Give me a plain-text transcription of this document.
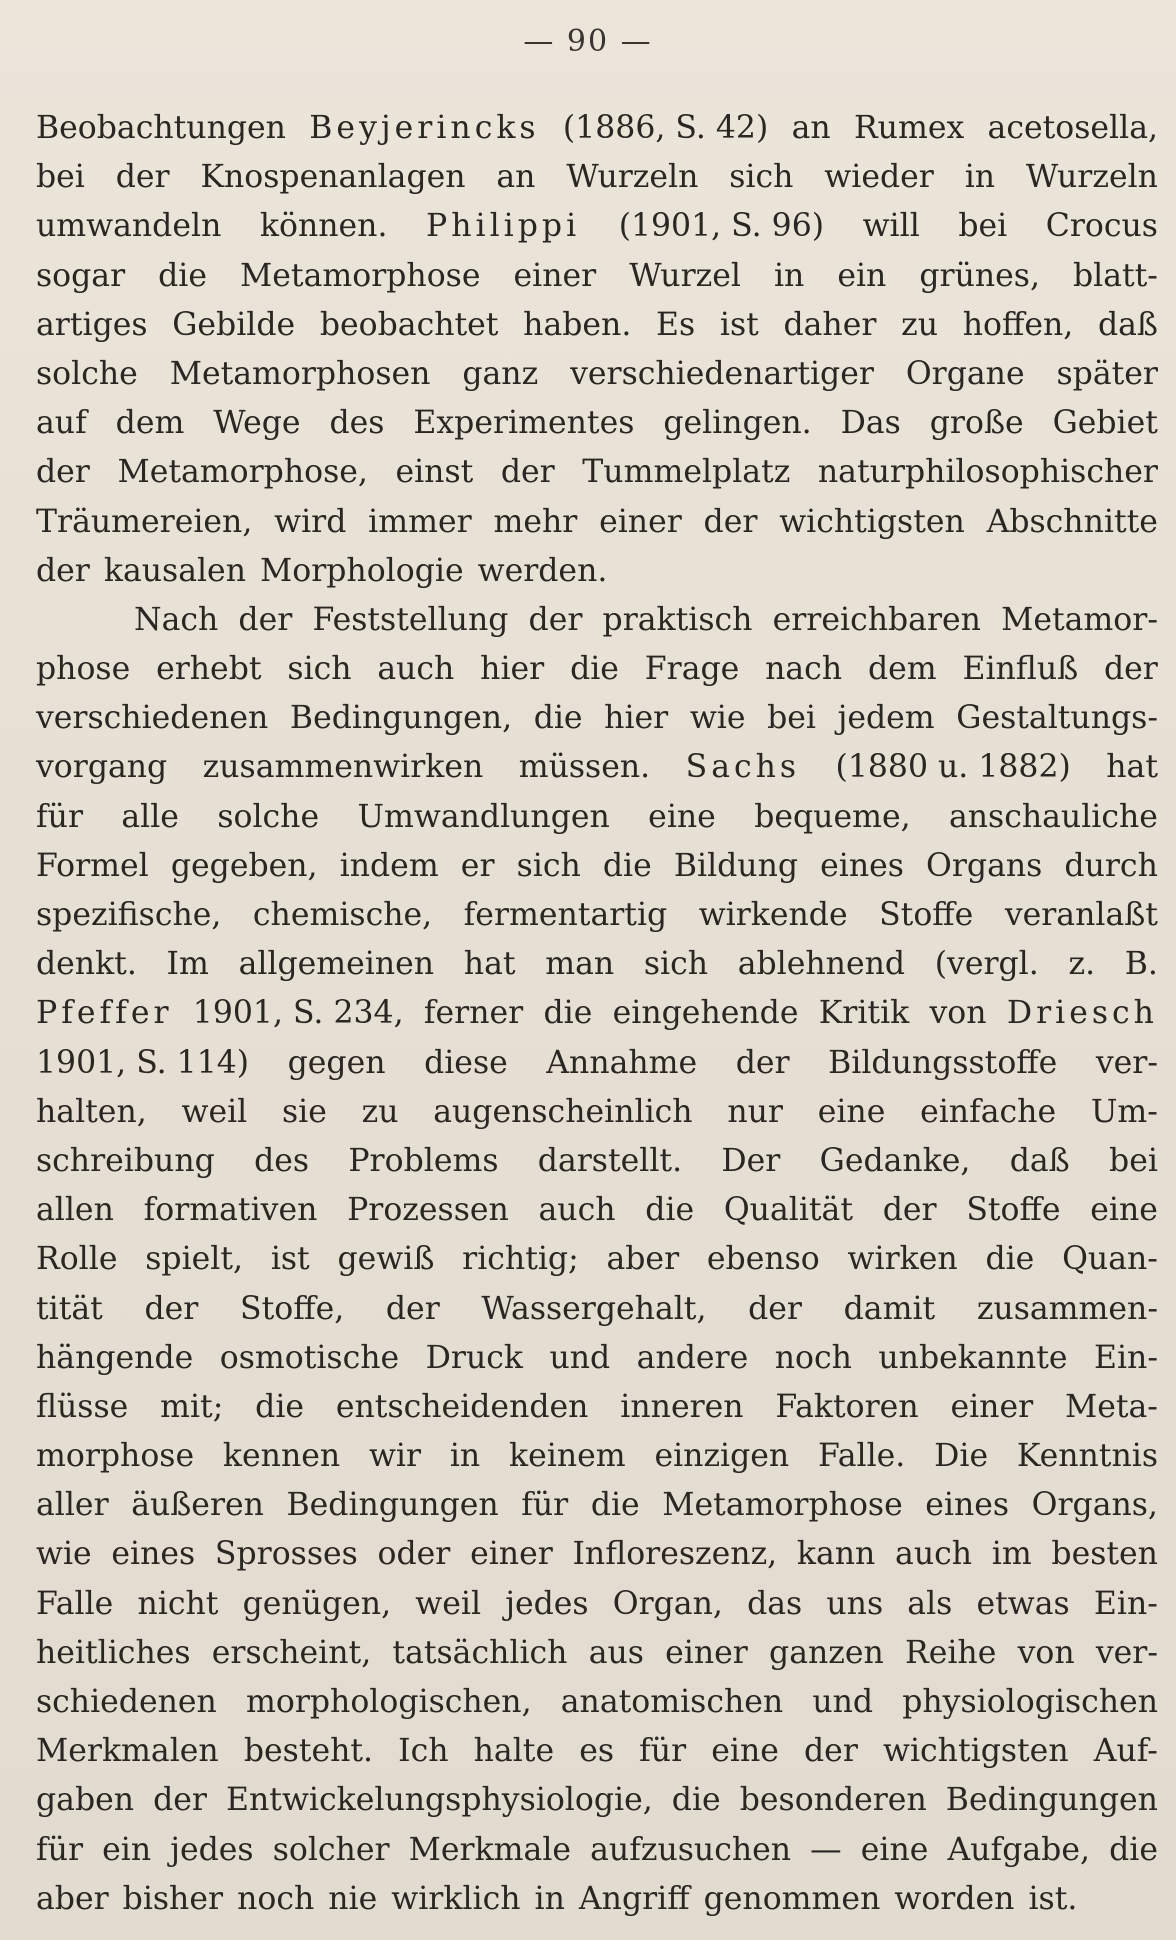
— 90 —
Beobachtungen Beyjerincks (1886, S. 42) an Rumex acetosella,
bei der Knospenanlagen an Wurzeln sich wieder in Wurzeln
umwandeln können. Philippi (1901, S. 96) will bei Crocus
sogar die Metamorphose einer Wurzel in ein grünes, blatt-
artiges Gebilde beobachtet haben. Es ist daher zu hoffen, daß
solche Metamorphosen ganz verschiedenartiger Organe später
auf dem Wege des Experimentes gelingen. Das große Gebiet
der Metamorphose, einst der Tummelplatz naturphilosophischer
Träumereien, wird immer mehr einer der wichtigsten Abschnitte
der kausalen Morphologie werden.
Nach der Feststellung der praktisch erreichbaren Metamor-
phose erhebt sich auch hier die Frage nach dem Einfluß der
verschiedenen Bedingungen, die hier wie bei jedem Gestaltungs-
vorgang zusammenwirken müssen. Sachs (1880 u. 1882) hat
für alle solche Umwandlungen eine bequeme, anschauliche
Formel gegeben, indem er sich die Bildung eines Organs durch
spezifische, chemische, fermentartig wirkende Stoffe veranlaßt
denkt. Im allgemeinen hat man sich ablehnend (vergl. z. B.
Pfeffer 1901, S. 234, ferner die eingehende Kritik von Driesch
1901, S. 114) gegen diese Annahme der Bildungsstoffe ver-
halten, weil sie zu augenscheinlich nur eine einfache Um-
schreibung des Problems darstellt. Der Gedanke, daß bei
allen formativen Prozessen auch die Qualität der Stoffe eine
Rolle spielt, ist gewiß richtig; aber ebenso wirken die Quan-
tität der Stoffe, der Wassergehalt, der damit zusammen-
hängende osmotische Druck und andere noch unbekannte Ein-
flüsse mit; die entscheidenden inneren Faktoren einer Meta-
morphose kennen wir in keinem einzigen Falle. Die Kenntnis
aller äußeren Bedingungen für die Metamorphose eines Organs,
wie eines Sprosses oder einer Infloreszenz, kann auch im besten
Falle nicht genügen, weil jedes Organ, das uns als etwas Ein-
heitliches erscheint, tatsächlich aus einer ganzen Reihe von ver-
schiedenen morphologischen, anatomischen und physiologischen
Merkmalen besteht. Ich halte es für eine der wichtigsten Auf-
gaben der Entwickelungsphysiologie, die besonderen Bedingungen
für ein jedes solcher Merkmale aufzusuchen — eine Aufgabe, die
aber bisher noch nie wirklich in Angriff genommen worden ist.
